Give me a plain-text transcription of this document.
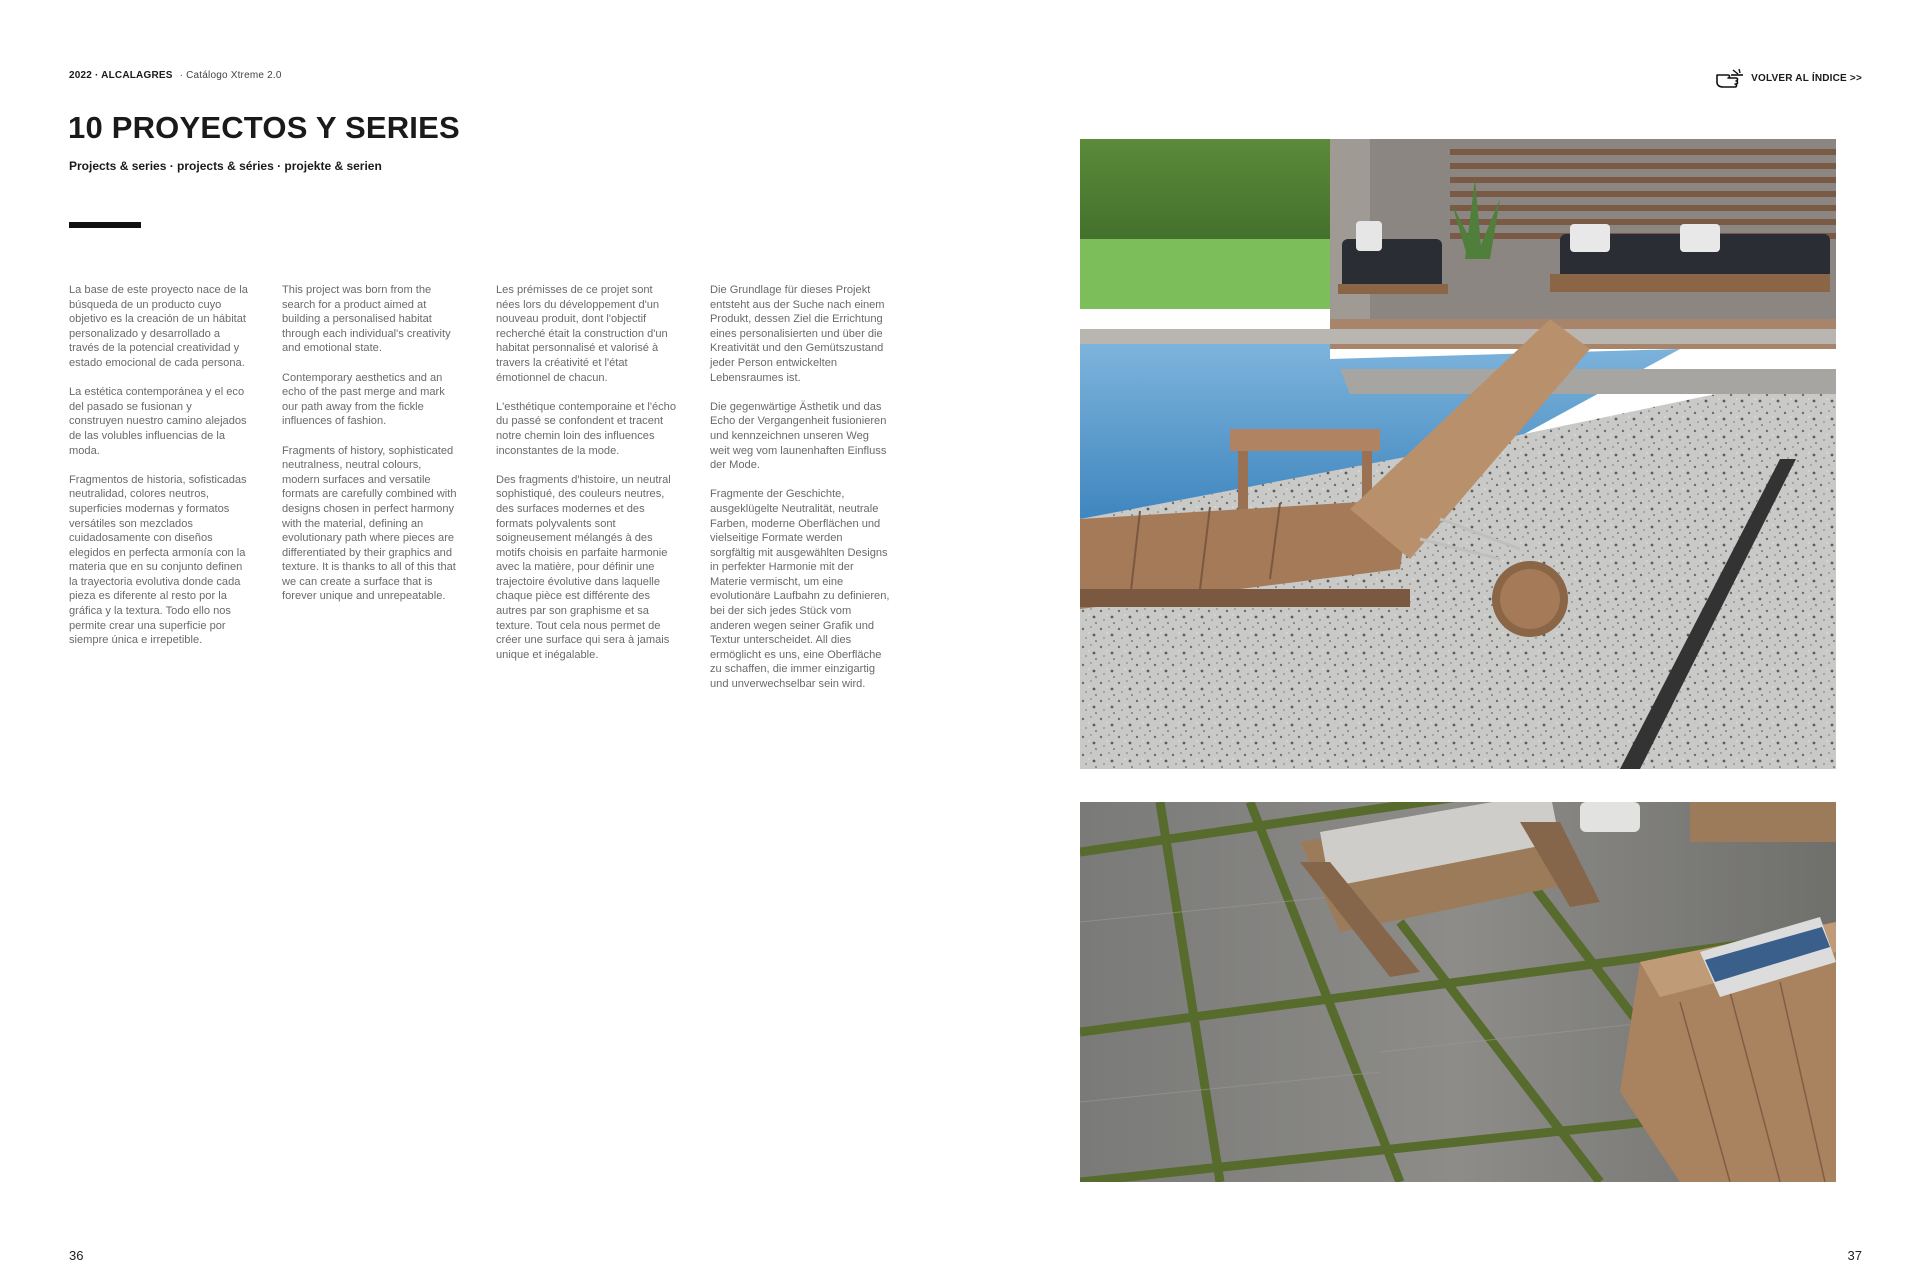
2022 · ALCALAGRES · Catálogo Xtreme 2.0	VOLVER AL ÍNDICE >>
10 PROYECTOS Y SERIES
Projects & series · projects & séries · projekte & serien

La base de este proyecto nace de la búsqueda de un producto cuyo objetivo es la creación de un hábitat personalizado y desarrollado a través de la potencial creatividad y estado emocional de cada persona.

La estética contemporánea y el eco del pasado se fusionan y construyen nuestro camino alejados de las volubles influencias de la moda.

Fragmentos de historia, sofisticadas neutralidad, colores neutros, superficies modernas y formatos versátiles son mezclados cuidadosamente con diseños elegidos en perfecta armonía con la materia que en su conjunto definen la trayectoria evolutiva donde cada pieza es diferente al resto por la gráfica y la textura. Todo ello nos permite crear una superficie por siempre única e irrepetible.

This project was born from the search for a product aimed at building a personalised habitat through each individual's creativity and emotional state.

Contemporary aesthetics and an echo of the past merge and mark our path away from the fickle influences of fashion.

Fragments of history, sophisticated neutralness, neutral colours, modern surfaces and versatile formats are carefully combined with designs chosen in perfect harmony with the material, defining an evolutionary path where pieces are differentiated by their graphics and texture. It is thanks to all of this that we can create a surface that is forever unique and unrepeatable.

Les prémisses de ce projet sont nées lors du développement d'un nouveau produit, dont l'objectif recherché était la construction d'un habitat personnalisé et valorisé à travers la créativité et l'état émotionnel de chacun.

L'esthétique contemporaine et l'écho du passé se confondent et tracent notre chemin loin des influences inconstantes de la mode.

Des fragments d'histoire, un neutral sophistiqué, des couleurs neutres, des surfaces modernes et des formats polyvalents sont soigneusement mélangés à des motifs choisis en parfaite harmonie avec la matière, pour définir une trajectoire évolutive dans laquelle chaque pièce est différente des autres par son graphisme et sa texture. Tout cela nous permet de créer une surface qui sera à jamais unique et inégalable.

Die Grundlage für dieses Projekt entsteht aus der Suche nach einem Produkt, dessen Ziel die Errichtung eines personalisierten und über die Kreativität und den Gemütszustand jeder Person entwickelten Lebensraumes ist.

Die gegenwärtige Ästhetik und das Echo der Vergangenheit fusionieren und kennzeichnen unseren Weg weit weg vom launenhaften Einfluss der Mode.

Fragmente der Geschichte, ausgeklügelte Neutralität, neutrale Farben, moderne Oberflächen und vielseitige Formate werden sorgfältig mit ausgewählten Designs in perfekter Harmonie mit der Materie vermischt, um eine evolutionäre Laufbahn zu definieren, bei der sich jedes Stück vom anderen wegen seiner Grafik und Textur unterscheidet. All dies ermöglicht es uns, eine Oberfläche zu schaffen, die immer einzigartig und unverwechselbar sein wird.

36	37
